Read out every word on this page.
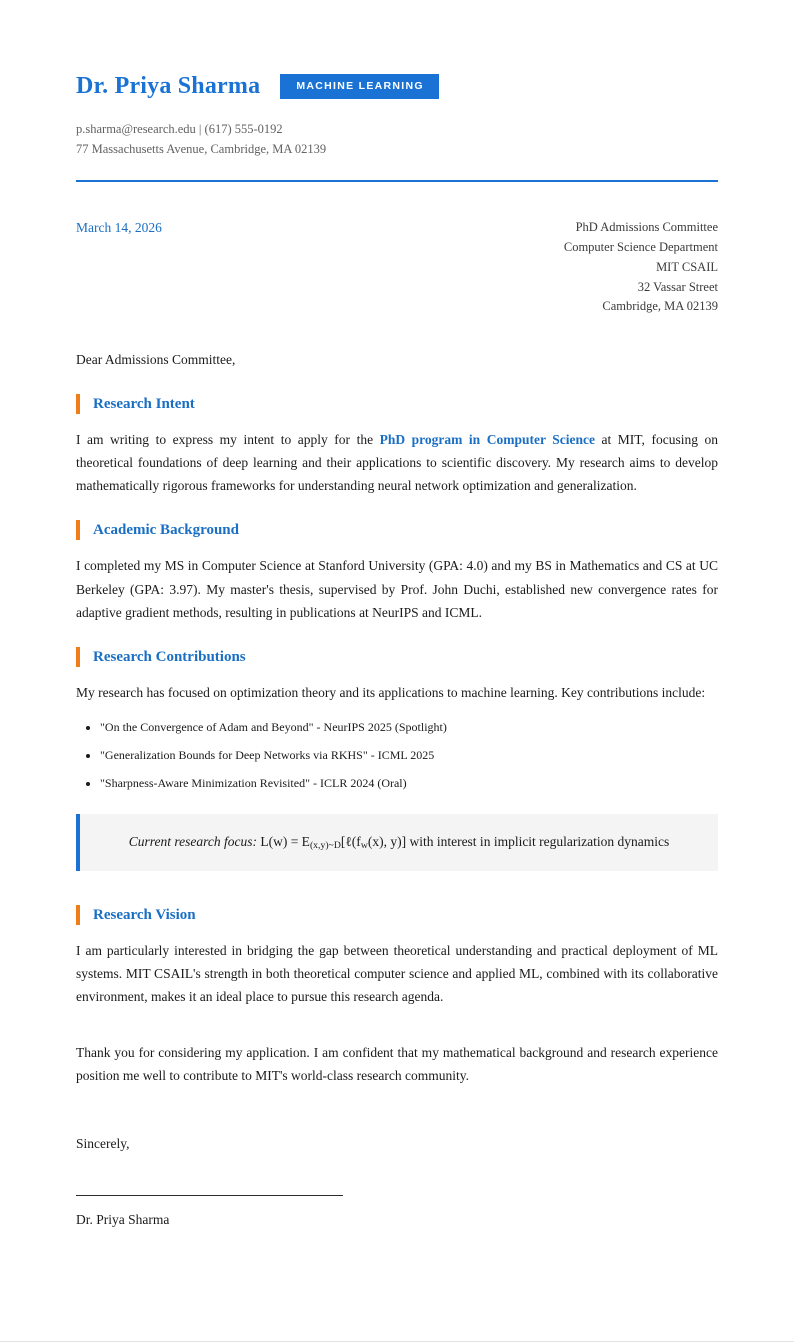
Dr. Priya Sharma	MACHINE LEARNING
p.sharma@research.edu | (617) 555-0192
77 Massachusetts Avenue, Cambridge, MA 02139
March 14, 2026	PhD Admissions Committee
Computer Science Department
MIT CSAIL
32 Vassar Street
Cambridge, MA 02139

Dear Admissions Committee,

Research Intent

I am writing to express my intent to apply for the PhD program in Computer Science at MIT, focusing on theoretical foundations of deep learning and their applications to scientific discovery. My research aims to develop mathematically rigorous frameworks for understanding neural network optimization and generalization.

Academic Background

I completed my MS in Computer Science at Stanford University (GPA: 4.0) and my BS in Mathematics and CS at UC Berkeley (GPA: 3.97). My master's thesis, supervised by Prof. John Duchi, established new convergence rates for adaptive gradient methods, resulting in publications at NeurIPS and ICML.

Research Contributions

My research has focused on optimization theory and its applications to machine learning. Key contributions include:

• "On the Convergence of Adam and Beyond" - NeurIPS 2025 (Spotlight)
• "Generalization Bounds for Deep Networks via RKHS" - ICML 2025
• "Sharpness-Aware Minimization Revisited" - ICLR 2024 (Oral)
Current research focus: $L(w) = E_{(x,y)\sim D}[\ell(f_w(x)$, y)] with interest in implicit regularization dynamics
Research Vision

I am particularly interested in bridging the gap between theoretical understanding and practical deployment of ML systems. MIT CSAIL's strength in both theoretical computer science and applied ML, combined with its collaborative environment, makes it an ideal place to pursue this research agenda.

Thank you for considering my application. I am confident that my mathematical background and research experience position me well to contribute to MIT's world-class research community.

Sincerely,

Dr. Priya Sharma
